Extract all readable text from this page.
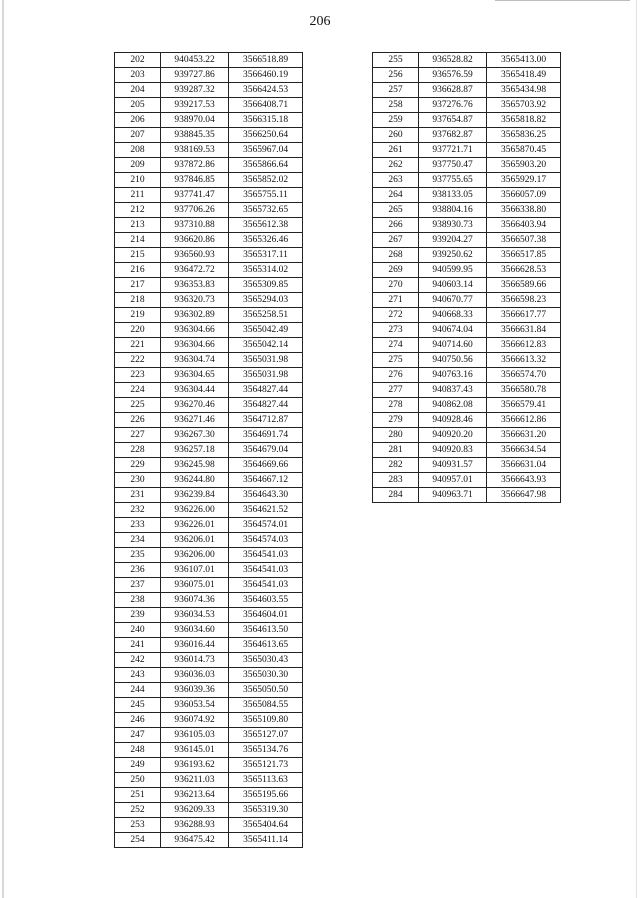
206
202	940453.22	3566518.89
203	939727.86	3566460.19
204	939287.32	3566424.53
205	939217.53	3566408.71
206	938970.04	3566315.18
207	938845.35	3566250.64
208	938169.53	3565967.04
209	937872.86	3565866.64
210	937846.85	3565852.02
211	937741.47	3565755.11
212	937706.26	3565732.65
213	937310.88	3565612.38
214	936620.86	3565326.46
215	936560.93	3565317.11
216	936472.72	3565314.02
217	936353.83	3565309.85
218	936320.73	3565294.03
219	936302.89	3565258.51
220	936304.66	3565042.49
221	936304.66	3565042.14
222	936304.74	3565031.98
223	936304.65	3565031.98
224	936304.44	3564827.44
225	936270.46	3564827.44
226	936271.46	3564712.87
227	936267.30	3564691.74
228	936257.18	3564679.04
229	936245.98	3564669.66
230	936244.80	3564667.12
231	936239.84	3564643.30
232	936226.00	3564621.52
233	936226.01	3564574.01
234	936206.01	3564574.03
235	936206.00	3564541.03
236	936107.01	3564541.03
237	936075.01	3564541.03
238	936074.36	3564603.55
239	936034.53	3564604.01
240	936034.60	3564613.50
241	936016.44	3564613.65
242	936014.73	3565030.43
243	936036.03	3565030.30
244	936039.36	3565050.50
245	936053.54	3565084.55
246	936074.92	3565109.80
247	936105.03	3565127.07
248	936145.01	3565134.76
249	936193.62	3565121.73
250	936211.03	3565113.63
251	936213.64	3565195.66
252	936209.33	3565319.30
253	936288.93	3565404.64
254	936475.42	3565411.14
255	936528.82	3565413.00
256	936576.59	3565418.49
257	936628.87	3565434.98
258	937276.76	3565703.92
259	937654.87	3565818.82
260	937682.87	3565836.25
261	937721.71	3565870.45
262	937750.47	3565903.20
263	937755.65	3565929.17
264	938133.05	3566057.09
265	938804.16	3566338.80
266	938930.73	3566403.94
267	939204.27	3566507.38
268	939250.62	3566517.85
269	940599.95	3566628.53
270	940603.14	3566589.66
271	940670.77	3566598.23
272	940668.33	3566617.77
273	940674.04	3566631.84
274	940714.60	3566612.83
275	940750.56	3566613.32
276	940763.16	3566574.70
277	940837.43	3566580.78
278	940862.08	3566579.41
279	940928.46	3566612.86
280	940920.20	3566631.20
281	940920.83	3566634.54
282	940931.57	3566631.04
283	940957.01	3566643.93
284	940963.71	3566647.98
